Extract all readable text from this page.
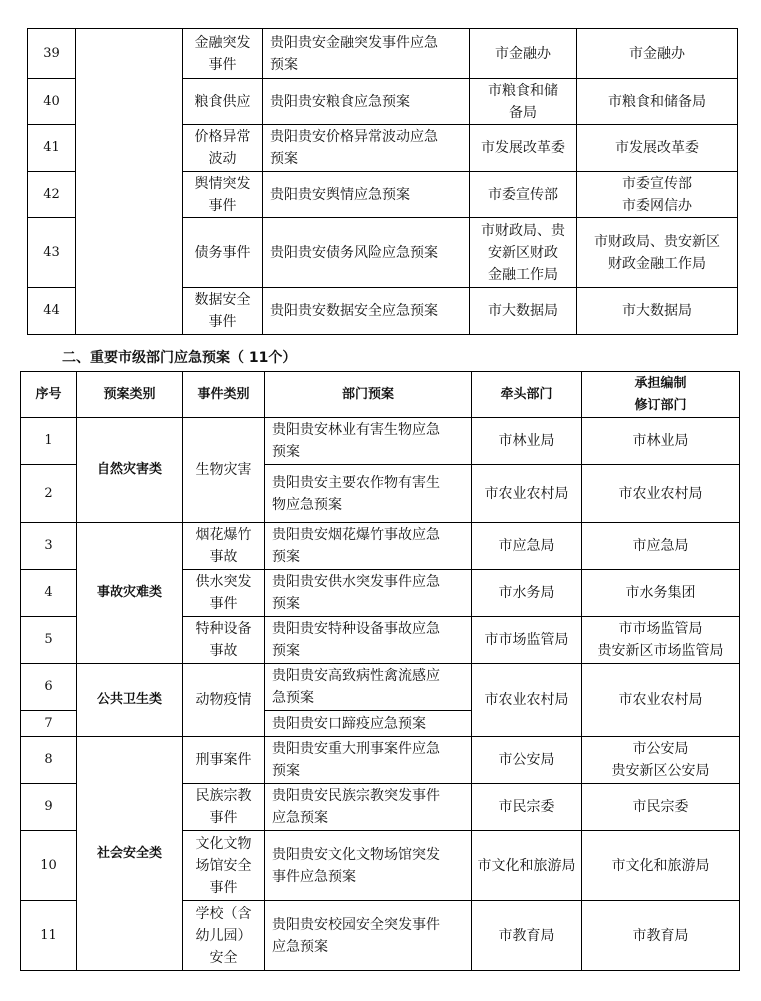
39		金融突发
事件	贵阳贵安金融突发事件应急
预案	市金融办	市金融办
40		粮食供应	贵阳贵安粮食应急预案	市粮食和储
备局	市粮食和储备局
41		价格异常
波动	贵阳贵安价格异常波动应急
预案	市发展改革委	市发展改革委
42		舆情突发
事件	贵阳贵安舆情应急预案	市委宣传部	市委宣传部
市委网信办
43		债务事件	贵阳贵安债务风险应急预案	市财政局、贵
安新区财政
金融工作局	市财政局、贵安新区
财政金融工作局
44		数据安全
事件	贵阳贵安数据安全应急预案	市大数据局	市大数据局
二、重要市级部门应急预案（ 11个）
序号	预案类别	事件类别	部门预案	牵头部门	承担编制
修订部门
1	自然灾害类	生物灾害	贵阳贵安林业有害生物应急
预案	市林业局	市林业局
2			贵阳贵安主要农作物有害生
物应急预案	市农业农村局	市农业农村局
3	事故灾难类	烟花爆竹
事故	贵阳贵安烟花爆竹事故应急
预案	市应急局	市应急局
4		供水突发
事件	贵阳贵安供水突发事件应急
预案	市水务局	市水务集团
5		特种设备
事故	贵阳贵安特种设备事故应急
预案	市市场监管局	市市场监管局
贵安新区市场监管局
6	公共卫生类	动物疫情	贵阳贵安高致病性禽流感应
急预案	市农业农村局	市农业农村局
7			贵阳贵安口蹄疫应急预案		
8	社会安全类	刑事案件	贵阳贵安重大刑事案件应急
预案	市公安局	市公安局
贵安新区公安局
9		民族宗教
事件	贵阳贵安民族宗教突发事件
应急预案	市民宗委	市民宗委
10		文化文物
场馆安全
事件	贵阳贵安文化文物场馆突发
事件应急预案	市文化和旅游局	市文化和旅游局
11		学校（含
幼儿园）
安全	贵阳贵安校园安全突发事件
应急预案	市教育局	市教育局
